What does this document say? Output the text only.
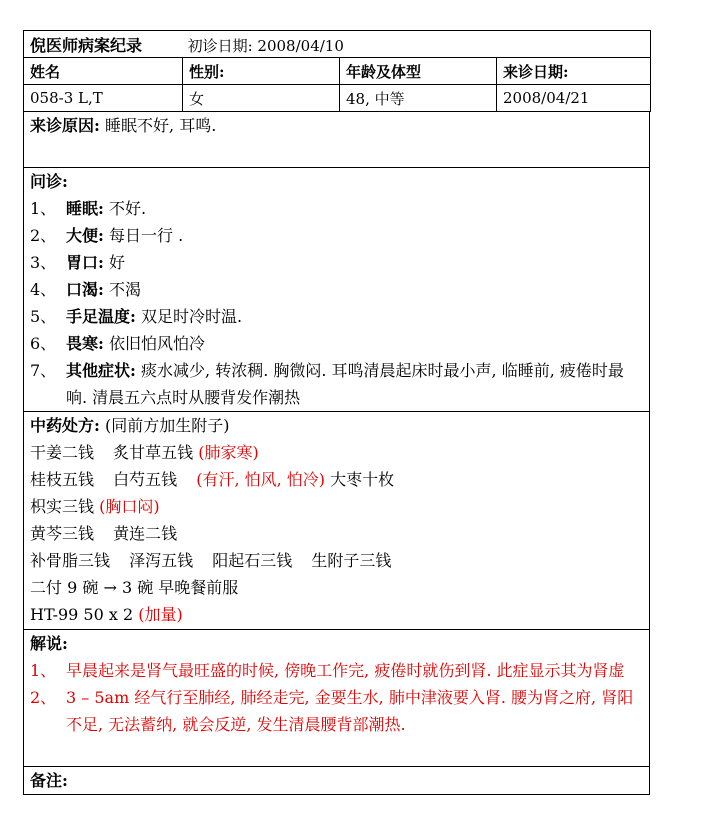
倪医师病案纪录 初诊日期: 2008/04/10			
姓名	性别:	年龄及体型	来诊日期:
058-3 L,T	女	48, 中等	2008/04/21
来诊原因: 睡眠不好, 耳鸣.
问诊:
1、 睡眠: 不好.
2、 大便: 每日一行 .
3、 胃口: 好
4、 口渴: 不渴
5、 手足温度: 双足时冷时温.
6、 畏寒: 依旧怕风怕冷
7、 其他症状: 痰水减少, 转浓稠. 胸微闷. 耳鸣清晨起床时最小声, 临睡前, 疲倦时最响. 清晨五六点时从腰背发作潮热
中药处方: (同前方加生附子)
干姜二钱 炙甘草五钱 (肺家寒)
桂枝五钱 白芍五钱 (有汗, 怕风, 怕冷) 大枣十枚
枳实三钱 (胸口闷)
黄芩三钱 黄连二钱
补骨脂三钱 泽泻五钱 阳起石三钱 生附子三钱
二付 9 碗 → 3 碗 早晚餐前服
HT-99 50 x 2 (加量)
解说:
1、 早晨起来是肾气最旺盛的时候, 傍晚工作完, 疲倦时就伤到肾. 此症显示其为肾虚
2、 3 – 5am 经气行至肺经, 肺经走完, 金要生水, 肺中津液要入肾. 腰为肾之府, 肾阳不足, 无法蓄纳, 就会反逆, 发生清晨腰背部潮热.
备注:
